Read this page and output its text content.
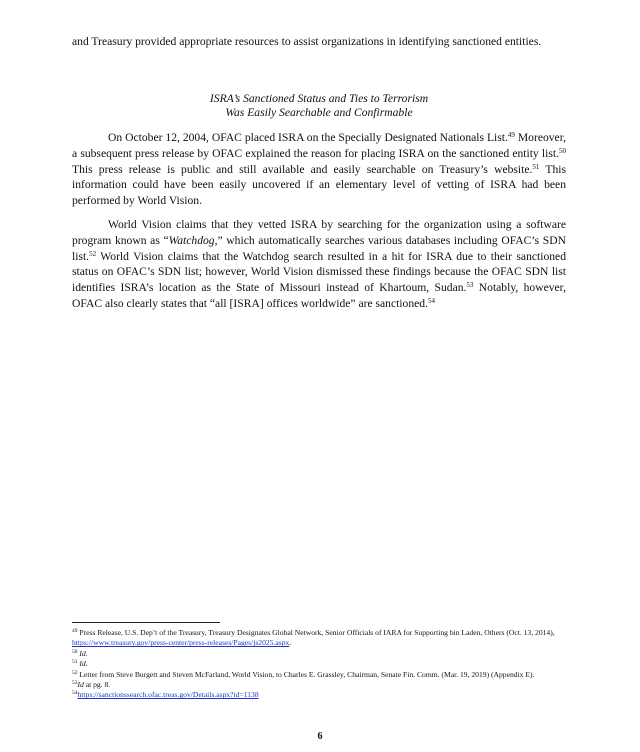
and Treasury provided appropriate resources to assist organizations in identifying sanctioned entities.

ISRA’s Sanctioned Status and Ties to Terrorism
Was Easily Searchable and Confirmable

On October 12, 2004, OFAC placed ISRA on the Specially Designated Nationals List.$^{49}$ Moreover, a subsequent press release by OFAC explained the reason for placing ISRA on the sanctioned entity list.$^{50}$ This press release is public and still available and easily searchable on Treasury’s website.$^{51}$ This information could have been easily uncovered if an elementary level of vetting of ISRA had been performed by World Vision.

World Vision claims that they vetted ISRA by searching for the organization using a software program known as “Watchdog,” which automatically searches various databases including OFAC’s SDN list.$^{52}$ World Vision claims that the Watchdog search resulted in a hit for ISRA due to their sanctioned status on OFAC’s SDN list; however, World Vision dismissed these findings because the OFAC SDN list identifies ISRA’s location as the State of Missouri instead of Khartoum, Sudan.$^{53}$ Notably, however, OFAC also clearly states that “all [ISRA] offices worldwide” are sanctioned.$^{54}$

$^{49}$ Press Release, U.S. Dep’t of the Treasury, Treasury Designates Global Network, Senior Officials of IARA for Supporting bin Laden, Others (Oct. 13, 2014), https://www.treasury.gov/press-center/press-releases/Pages/js2025.aspx.

$^{50}$ Id.

$^{51}$ Id.

$^{52}$ Letter from Steve Burgett and Steven McFarland, World Vision, to Charles E. Grassley, Chairman, Senate Fin. Comm. (Mar. 19, 2019) (Appendix E).

$^{53}$Id at pg. 8.

$^{54}$https://sanctionssearch.ofac.treas.gov/Details.aspx?id=1138

6
